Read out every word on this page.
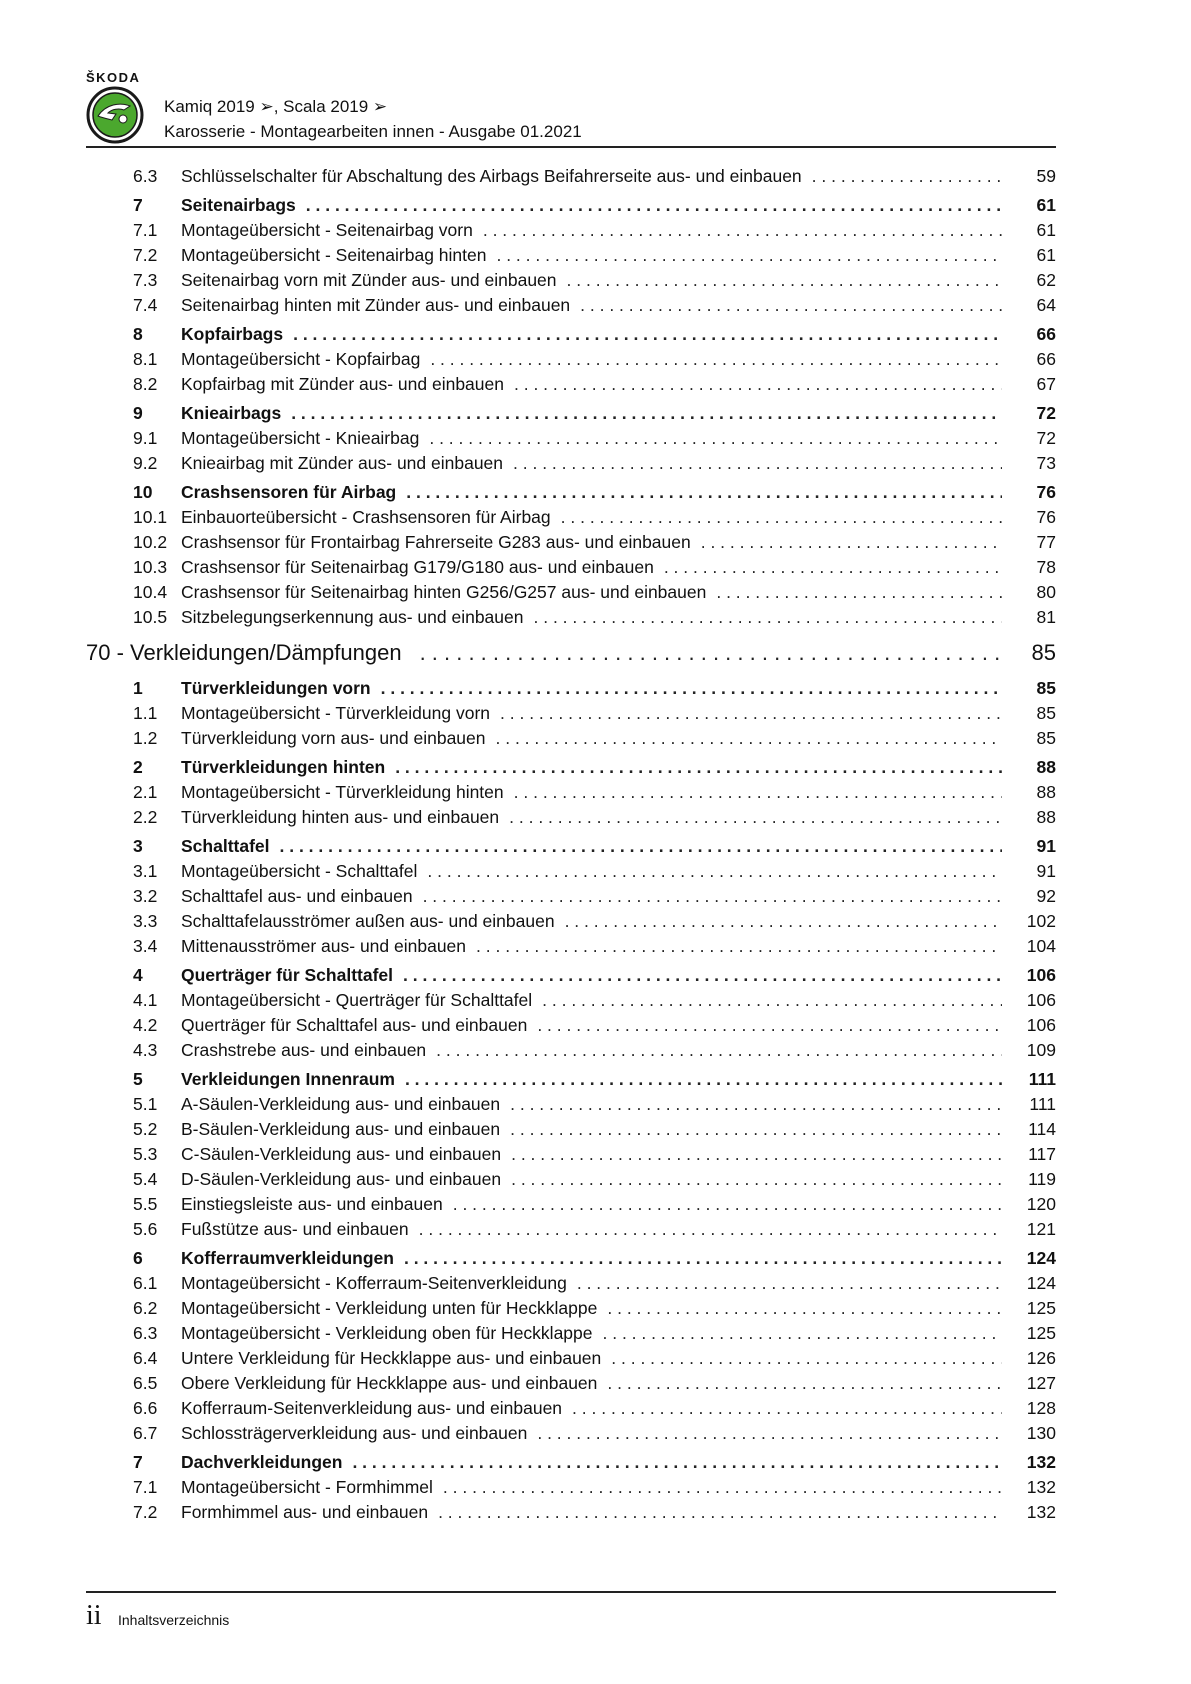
ŠKODA
Kamiq 2019 ➢, Scala 2019 ➢
Karosserie - Montagearbeiten innen - Ausgabe 01.2021
6.3	Schlüsselschalter für Abschaltung des Airbags Beifahrerseite aus- und einbauen . . .	59
7	Seitenairbags . . .	61
7.1	Montageübersicht - Seitenairbag vorn . . .	61
7.2	Montageübersicht - Seitenairbag hinten . . .	61
7.3	Seitenairbag vorn mit Zünder aus- und einbauen . . .	62
7.4	Seitenairbag hinten mit Zünder aus- und einbauen . . .	64
8	Kopfairbags . . .	66
8.1	Montageübersicht - Kopfairbag . . .	66
8.2	Kopfairbag mit Zünder aus- und einbauen . . .	67
9	Knieairbags . . .	72
9.1	Montageübersicht - Knieairbag . . .	72
9.2	Knieairbag mit Zünder aus- und einbauen . . .	73
10	Crashsensoren für Airbag . . .	76
10.1 Einbauorteübersicht - Crashsensoren für Airbag . . .	76
10.2 Crashsensor für Frontairbag Fahrerseite G283 aus- und einbauen . . .	77
10.3 Crashsensor für Seitenairbag G179/G180 aus- und einbauen . . .	78
10.4 Crashsensor für Seitenairbag hinten G256/G257 aus- und einbauen . . .	80
10.5 Sitzbelegungserkennung aus- und einbauen . . .	81
70 - Verkleidungen/Dämpfungen . . .	85
1	Türverkleidungen vorn . . .	85
1.1	Montageübersicht - Türverkleidung vorn . . .	85
1.2	Türverkleidung vorn aus- und einbauen . . .	85
2	Türverkleidungen hinten . . .	88
2.1	Montageübersicht - Türverkleidung hinten . . .	88
2.2	Türverkleidung hinten aus- und einbauen . . .	88
3	Schalttafel . . .	91
3.1	Montageübersicht - Schalttafel . . .	91
3.2	Schalttafel aus- und einbauen . . .	92
3.3	Schalttafelausströmer außen aus- und einbauen . . .	102
3.4	Mittenausströmer aus- und einbauen . . .	104
4	Querträger für Schalttafel . . .	106
4.1	Montageübersicht - Querträger für Schalttafel . . .	106
4.2	Querträger für Schalttafel aus- und einbauen . . .	106
4.3	Crashstrebe aus- und einbauen . . .	109
5	Verkleidungen Innenraum . . .	111
5.1	A-Säulen-Verkleidung aus- und einbauen . . .	111
5.2	B-Säulen-Verkleidung aus- und einbauen . . .	114
5.3	C-Säulen-Verkleidung aus- und einbauen . . .	117
5.4	D-Säulen-Verkleidung aus- und einbauen . . .	119
5.5	Einstiegsleiste aus- und einbauen . . .	120
5.6	Fußstütze aus- und einbauen . . .	121
6	Kofferraumverkleidungen . . .	124
6.1	Montageübersicht - Kofferraum-Seitenverkleidung . . .	124
6.2	Montageübersicht - Verkleidung unten für Heckklappe . . .	125
6.3	Montageübersicht - Verkleidung oben für Heckklappe . . .	125
6.4	Untere Verkleidung für Heckklappe aus- und einbauen . . .	126
6.5	Obere Verkleidung für Heckklappe aus- und einbauen . . .	127
6.6	Kofferraum-Seitenverkleidung aus- und einbauen . . .	128
6.7	Schlossträgerverkleidung aus- und einbauen . . .	130
7	Dachverkleidungen . . .	132
7.1	Montageübersicht - Formhimmel . . .	132
7.2	Formhimmel aus- und einbauen . . .	132
ii Inhaltsverzeichnis
